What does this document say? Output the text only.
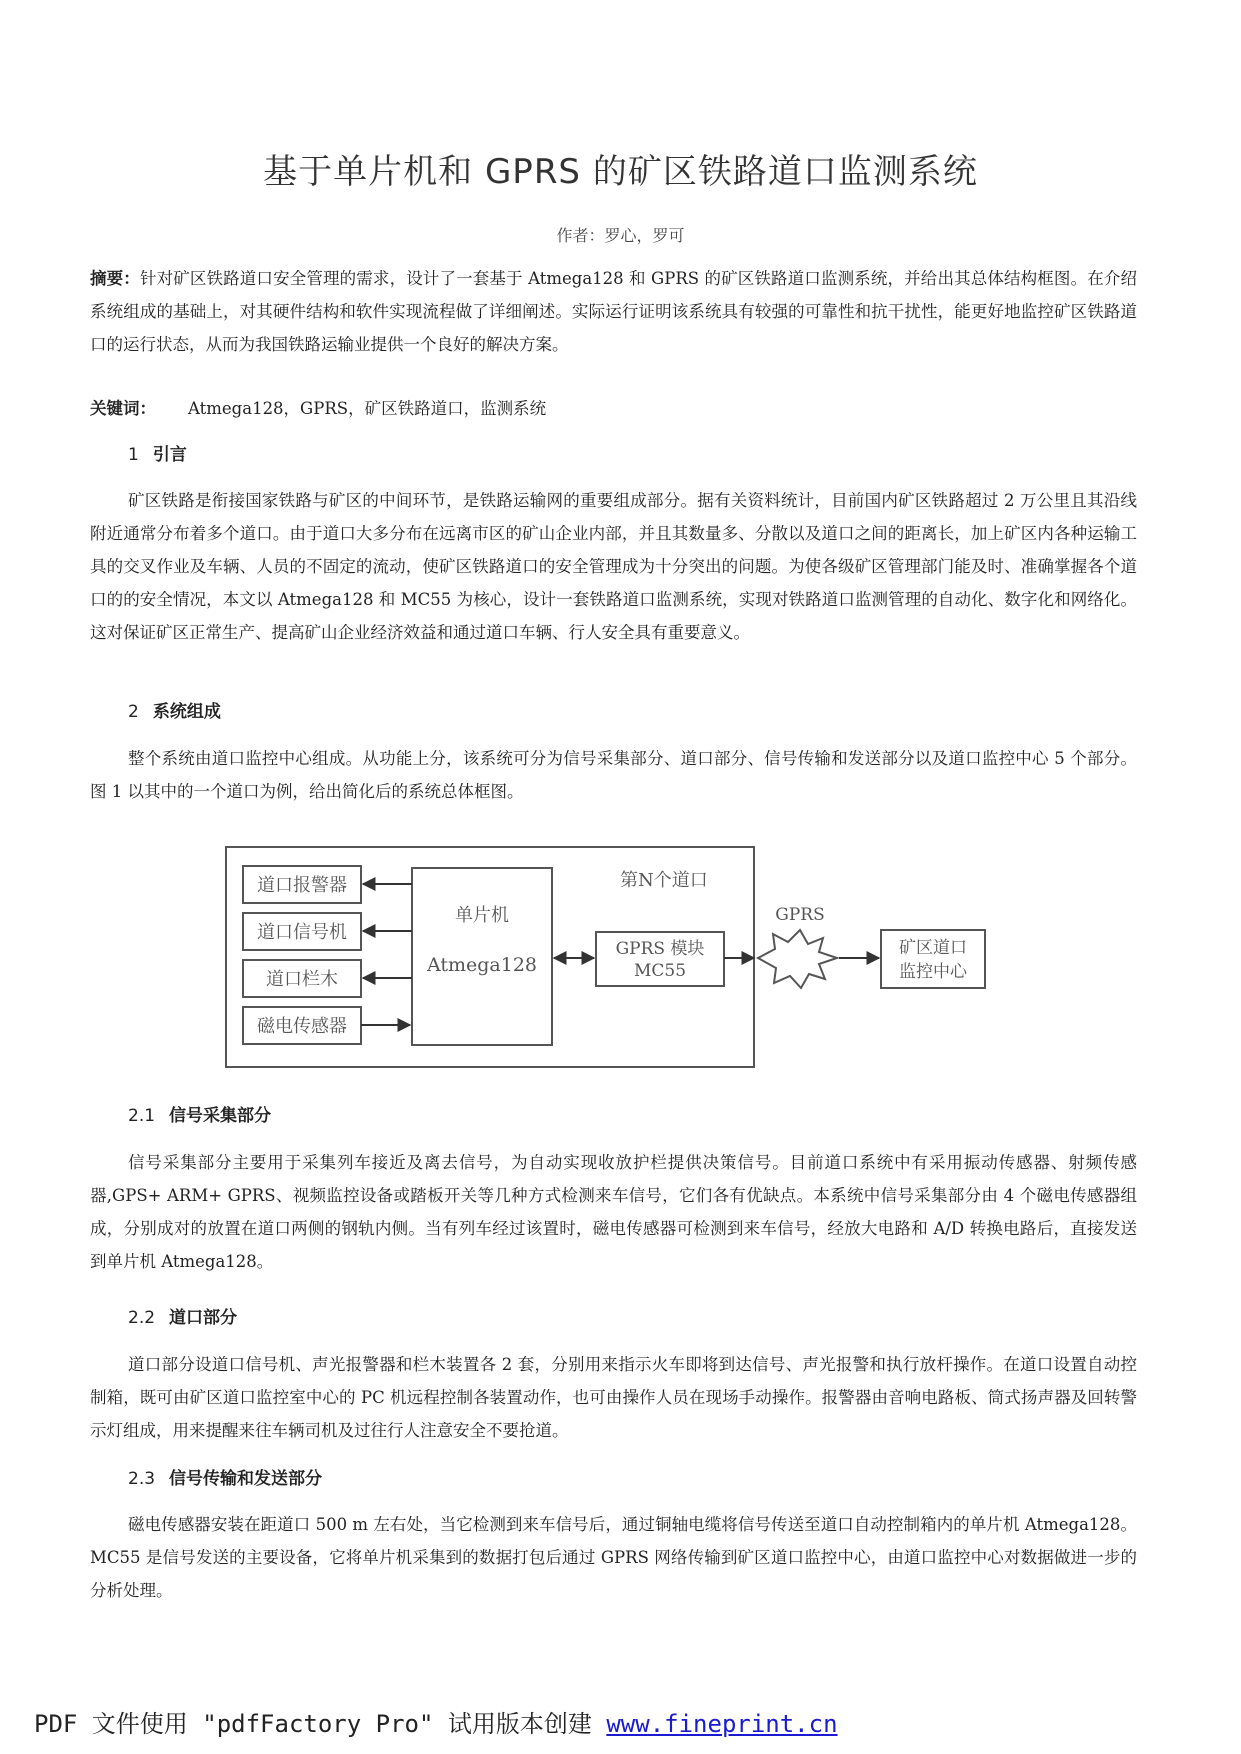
基于单片机和 GPRS 的矿区铁路道口监测系统
作者：罗心，罗可

摘要：针对矿区铁路道口安全管理的需求，设计了一套基于 Atmega128 和 GPRS 的矿区铁路道口监测系统，并给出其总体结构框图。在介绍系统组成的基础上，对其硬件结构和软件实现流程做了详细阐述。实际运行证明该系统具有较强的可靠性和抗干扰性，能更好地监控矿区铁路道口的运行状态，从而为我国铁路运输业提供一个良好的解决方案。

关键词： Atmega128，GPRS，矿区铁路道口，监测系统

1 引言

矿区铁路是衔接国家铁路与矿区的中间环节，是铁路运输网的重要组成部分。据有关资料统计，目前国内矿区铁路超过 2 万公里且其沿线附近通常分布着多个道口。由于道口大多分布在远离市区的矿山企业内部，并且其数量多、分散以及道口之间的距离长，加上矿区内各种运输工具的交叉作业及车辆、人员的不固定的流动，使矿区铁路道口的安全管理成为十分突出的问题。为使各级矿区管理部门能及时、准确掌握各个道口的的安全情况，本文以 Atmega128 和 MC55 为核心，设计一套铁路道口监测系统，实现对铁路道口监测管理的自动化、数字化和网络化。这对保证矿区正常生产、提高矿山企业经济效益和通过道口车辆、行人安全具有重要意义。

2 系统组成

整个系统由道口监控中心组成。从功能上分，该系统可分为信号采集部分、道口部分、信号传输和发送部分以及道口监控中心 5 个部分。图 1 以其中的一个道口为例，给出简化后的系统总体框图。

第N个道口
道口报警器
道口信号机
道口栏木
磁电传感器
单片机
Atmega128
GPRS 模块
MC55
GPRS
矿区道口
监控中心
2.1 信号采集部分

信号采集部分主要用于采集列车接近及离去信号，为自动实现收放护栏提供决策信号。目前道口系统中有采用振动传感器、射频传感器,GPS+ ARM+ GPRS、视频监控设备或踏板开关等几种方式检测来车信号，它们各有优缺点。本系统中信号采集部分由 4 个磁电传感器组成，分别成对的放置在道口两侧的钢轨内侧。当有列车经过该置时，磁电传感器可检测到来车信号，经放大电路和 A/D 转换电路后，直接发送到单片机 Atmega128。

2.2 道口部分

道口部分设道口信号机、声光报警器和栏木装置各 2 套，分别用来指示火车即将到达信号、声光报警和执行放杆操作。在道口设置自动控制箱，既可由矿区道口监控室中心的 PC 机远程控制各装置动作，也可由操作人员在现场手动操作。报警器由音响电路板、筒式扬声器及回转警示灯组成，用来提醒来往车辆司机及过往行人注意安全不要抢道。

2.3 信号传输和发送部分

磁电传感器安装在距道口 500 m 左右处，当它检测到来车信号后，通过铜轴电缆将信号传送至道口自动控制箱内的单片机 Atmega128。MC55 是信号发送的主要设备，它将单片机采集到的数据打包后通过 GPRS 网络传输到矿区道口监控中心，由道口监控中心对数据做进一步的分析处理。

PDF 文件使用 "pdfFactory Pro" 试用版本创建 www.fineprint.cn
